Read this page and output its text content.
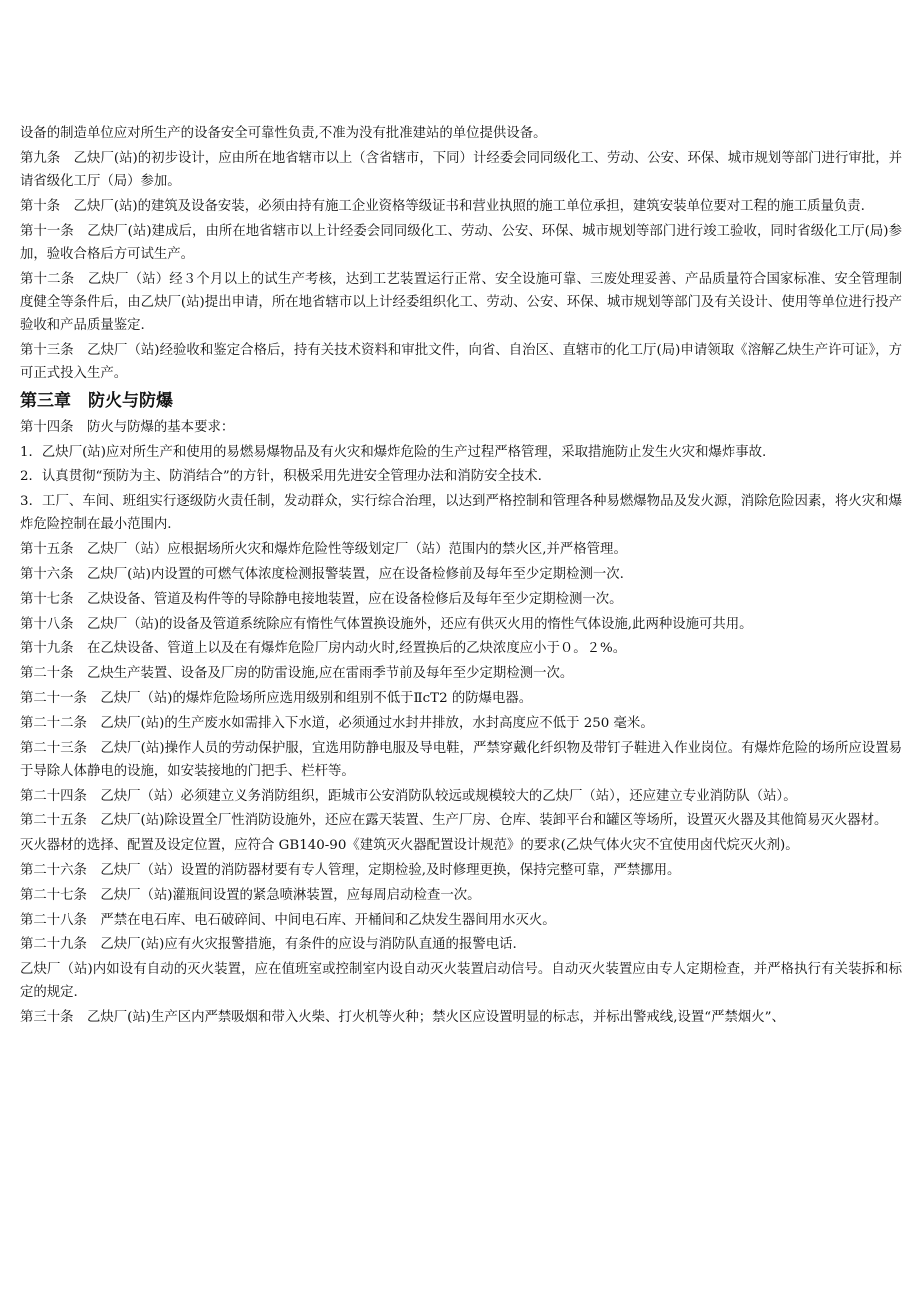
设备的制造单位应对所生产的设备安全可靠性负责,不准为没有批准建站的单位提供设备。

第九条　乙炔厂(站)的初步设计，应由所在地省辖市以上（含省辖市，下同）计经委会同同级化工、劳动、公安、环保、城市规划等部门进行审批，并请省级化工厅（局）参加。

第十条　乙炔厂(站)的建筑及设备安装，必须由持有施工企业资格等级证书和营业执照的施工单位承担，建筑安装单位要对工程的施工质量负责.

第十一条　乙炔厂(站)建成后，由所在地省辖市以上计经委会同同级化工、劳动、公安、环保、城市规划等部门进行竣工验收，同时省级化工厅(局)参加，验收合格后方可试生产。

第十二条　乙炔厂（站）经３个月以上的试生产考核，达到工艺装置运行正常、安全设施可靠、三废处理妥善、产品质量符合国家标准、安全管理制度健全等条件后，由乙炔厂(站)提出申请，所在地省辖市以上计经委组织化工、劳动、公安、环保、城市规划等部门及有关设计、使用等单位进行投产验收和产品质量鉴定.

第十三条　乙炔厂（站)经验收和鉴定合格后，持有关技术资料和审批文件，向省、自治区、直辖市的化工厅(局)申请领取《溶解乙炔生产许可证》，方可正式投入生产。

第三章　防火与防爆

第十四条　防火与防爆的基本要求：

1．乙炔厂(站)应对所生产和使用的易燃易爆物品及有火灾和爆炸危险的生产过程严格管理，采取措施防止发生火灾和爆炸事故.

2．认真贯彻“预防为主、防消结合”的方针，积极采用先进安全管理办法和消防安全技术.

3．工厂、车间、班组实行逐级防火责任制，发动群众，实行综合治理，以达到严格控制和管理各种易燃爆物品及发火源，消除危险因素，将火灾和爆炸危险控制在最小范围内.

第十五条　乙炔厂（站）应根据场所火灾和爆炸危险性等级划定厂（站）范围内的禁火区,并严格管理。

第十六条　乙炔厂(站)内设置的可燃气体浓度检测报警装置，应在设备检修前及每年至少定期检测一次.

第十七条　乙炔设备、管道及构件等的导除静电接地装置，应在设备检修后及每年至少定期检测一次。

第十八条　乙炔厂（站)的设备及管道系统除应有惰性气体置换设施外，还应有供灭火用的惰性气体设施,此两种设施可共用。

第十九条　在乙炔设备、管道上以及在有爆炸危险厂房内动火时,经置换后的乙炔浓度应小于０。２%。

第二十条　乙炔生产装置、设备及厂房的防雷设施,应在雷雨季节前及每年至少定期检测一次。

第二十一条　乙炔厂（站)的爆炸危险场所应选用级别和组别不低于ⅡcT2 的防爆电器。

第二十二条　乙炔厂(站)的生产废水如需排入下水道，必须通过水封井排放，水封高度应不低于 250 毫米。

第二十三条　乙炔厂(站)操作人员的劳动保护服，宜选用防静电服及导电鞋，严禁穿戴化纤织物及带钉子鞋进入作业岗位。有爆炸危险的场所应设置易于导除人体静电的设施，如安装接地的门把手、栏杆等。

第二十四条　乙炔厂（站）必须建立义务消防组织，距城市公安消防队较远或规模较大的乙炔厂（站），还应建立专业消防队（站）。

第二十五条　乙炔厂(站)除设置全厂性消防设施外，还应在露天装置、生产厂房、仓库、装卸平台和罐区等场所，设置灭火器及其他简易灭火器材。

灭火器材的选择、配置及设定位置，应符合 GB140-90《建筑灭火器配置设计规范》的要求(乙炔气体火灾不宜使用卤代烷灭火剂)。

第二十六条　乙炔厂（站）设置的消防器材要有专人管理，定期检验,及时修理更换，保持完整可靠，严禁挪用。

第二十七条　乙炔厂（站)灌瓶间设置的紧急喷淋装置，应每周启动检查一次。

第二十八条　严禁在电石库、电石破碎间、中间电石库、开桶间和乙炔发生器间用水灭火。

第二十九条　乙炔厂(站)应有火灾报警措施，有条件的应设与消防队直通的报警电话.

乙炔厂（站)内如设有自动的灭火装置，应在值班室或控制室内设自动灭火装置启动信号。自动灭火装置应由专人定期检查，并严格执行有关装拆和标定的规定.

第三十条　乙炔厂(站)生产区内严禁吸烟和带入火柴、打火机等火种；禁火区应设置明显的标志，并标出警戒线,设置“严禁烟火”、
